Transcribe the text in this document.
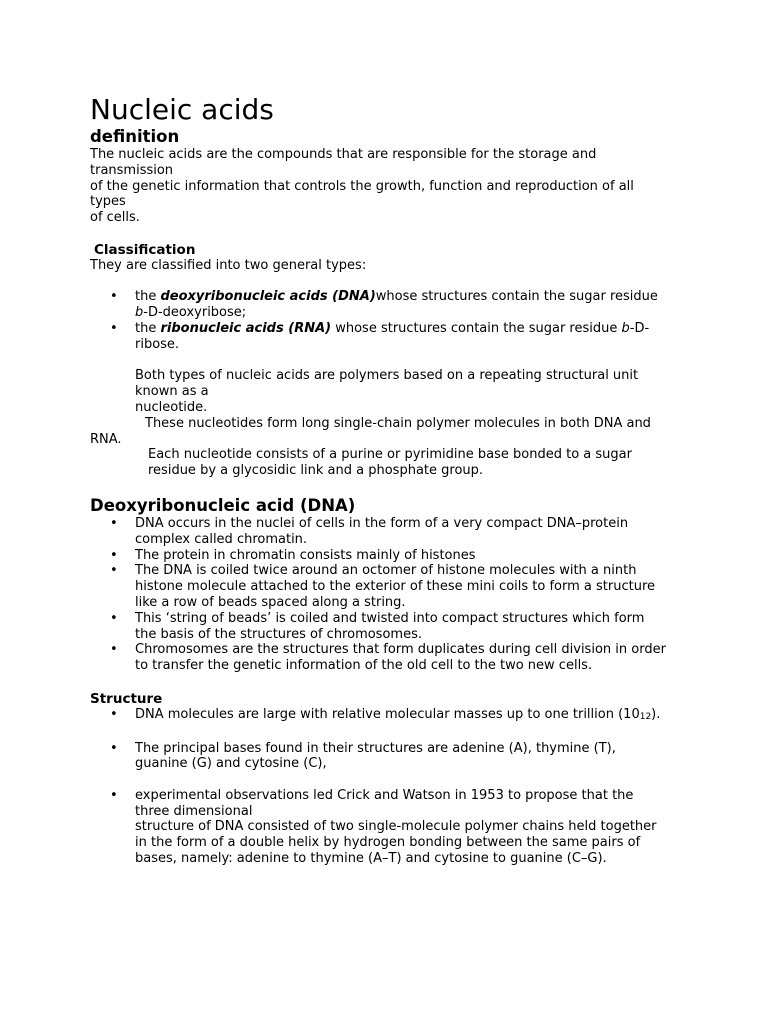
Nucleic acids
definition

The nucleic acids are the compounds that are responsible for the storage and

transmission

of the genetic information that controls the growth, function and reproduction of all

types

of cells.

Classification

They are classified into two general types:

• the deoxyribonucleic acids (DNA)whose structures contain the sugar residue
b-D-deoxyribose;
• the ribonucleic acids (RNA) whose structures contain the sugar residue b-D-
ribose.

Both types of nucleic acids are polymers based on a repeating structural unit

known as a

nucleotide.

These nucleotides form long single-chain polymer molecules in both DNA and

RNA.

Each nucleotide consists of a purine or pyrimidine base bonded to a sugar

residue by a glycosidic link and a phosphate group.

Deoxyribonucleic acid (DNA)
• DNA occurs in the nuclei of cells in the form of a very compact DNA–protein
complex called chromatin.
• The protein in chromatin consists mainly of histones
• The DNA is coiled twice around an octomer of histone molecules with a ninth
histone molecule attached to the exterior of these mini coils to form a structure
like a row of beads spaced along a string.
• This ‘string of beads’ is coiled and twisted into compact structures which form
the basis of the structures of chromosomes.
• Chromosomes are the structures that form duplicates during cell division in order
to transfer the genetic information of the old cell to the two new cells.
Structure
• DNA molecules are large with relative molecular masses up to one trillion $(10_{12})$.
• The principal bases found in their structures are adenine (A), thymine (T),
guanine (G) and cytosine (C),
• experimental observations led Crick and Watson in 1953 to propose that the
three dimensional
structure of DNA consisted of two single-molecule polymer chains held together
in the form of a double helix by hydrogen bonding between the same pairs of
bases, namely: adenine to thymine (A–T) and cytosine to guanine (C–G).
